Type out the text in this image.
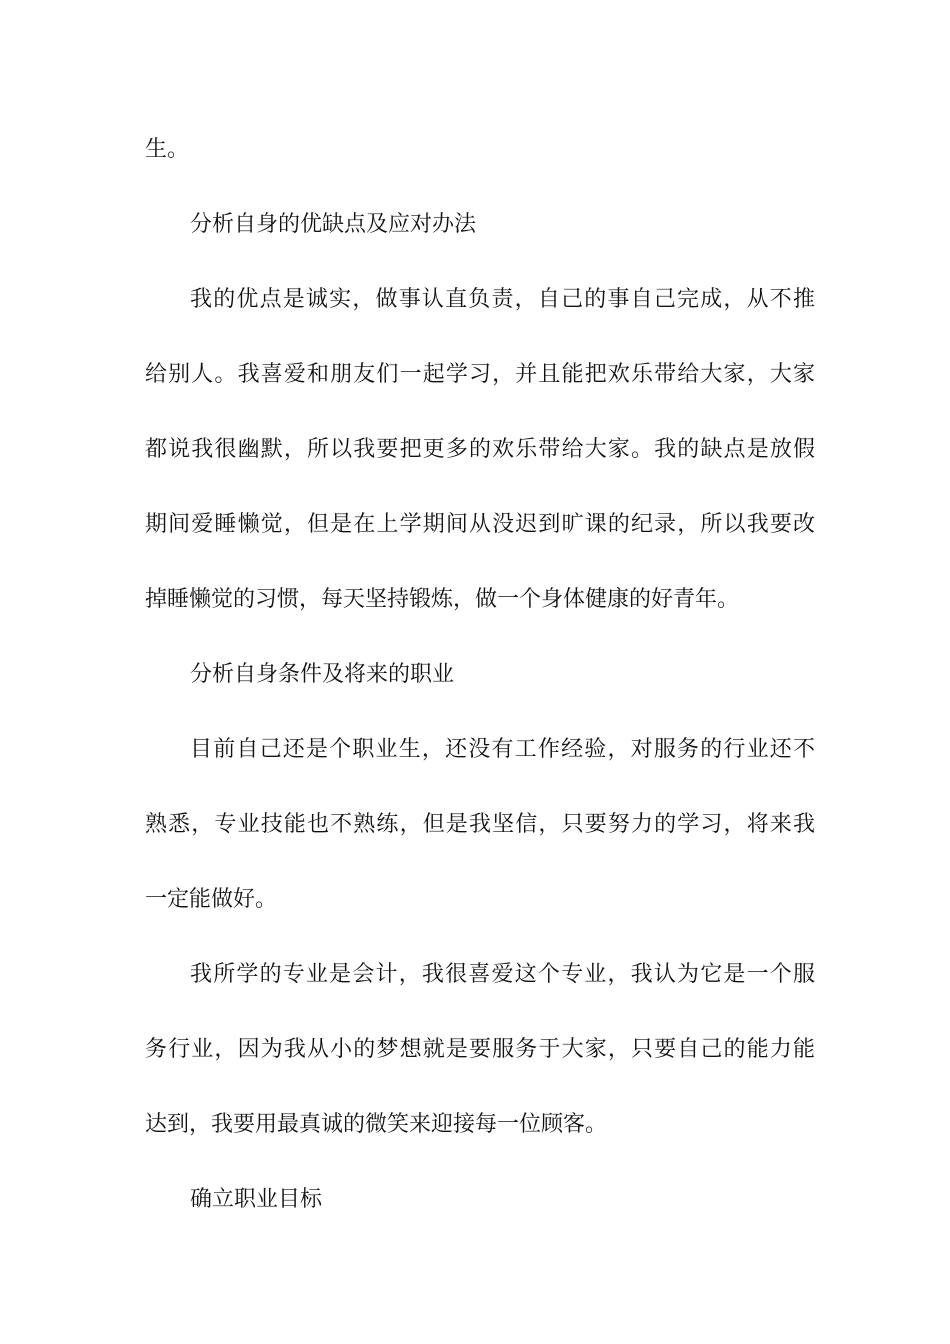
生。
分析自身的优缺点及应对办法
我的优点是诚实，做事认直负责，自己的事自己完成，从不推
给别人。我喜爱和朋友们一起学习，并且能把欢乐带给大家，大家
都说我很幽默，所以我要把更多的欢乐带给大家。我的缺点是放假
期间爱睡懒觉，但是在上学期间从没迟到旷课的纪录，所以我要改
掉睡懒觉的习惯，每天坚持锻炼，做一个身体健康的好青年。
分析自身条件及将来的职业
目前自己还是个职业生，还没有工作经验，对服务的行业还不
熟悉，专业技能也不熟练，但是我坚信，只要努力的学习，将来我
一定能做好。
我所学的专业是会计，我很喜爱这个专业，我认为它是一个服
务行业，因为我从小的梦想就是要服务于大家，只要自己的能力能
达到，我要用最真诚的微笑来迎接每一位顾客。
确立职业目标
